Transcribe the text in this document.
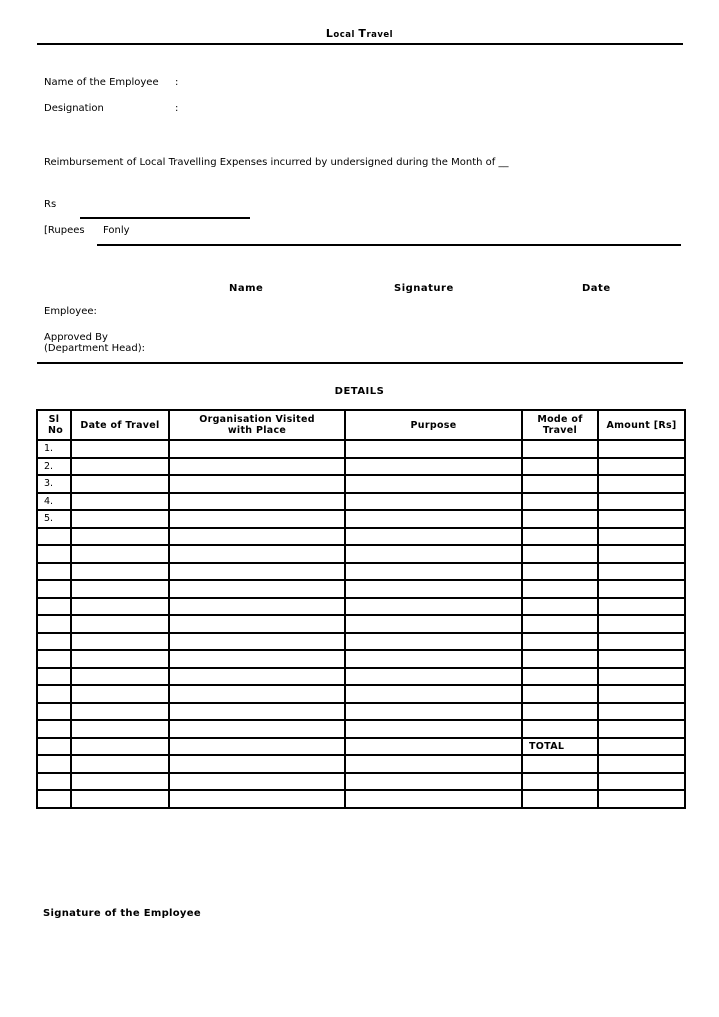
Local Travel
Name of the Employee :
Designation	:
Reimbursement of Local Travelling Expenses incurred by undersigned during the Month of __
Rs
[Rupees Fonly
Name	Signature	Date
Employee:
Approved By
(Department Head):
DETAILS
Sl No	Date of Travel	Organisation Visited with Place	Purpose	Mode of Travel	Amount [Rs]
1.					
2.					
3.					
4.					
5.					

				TOTAL	

Signature of the Employee
